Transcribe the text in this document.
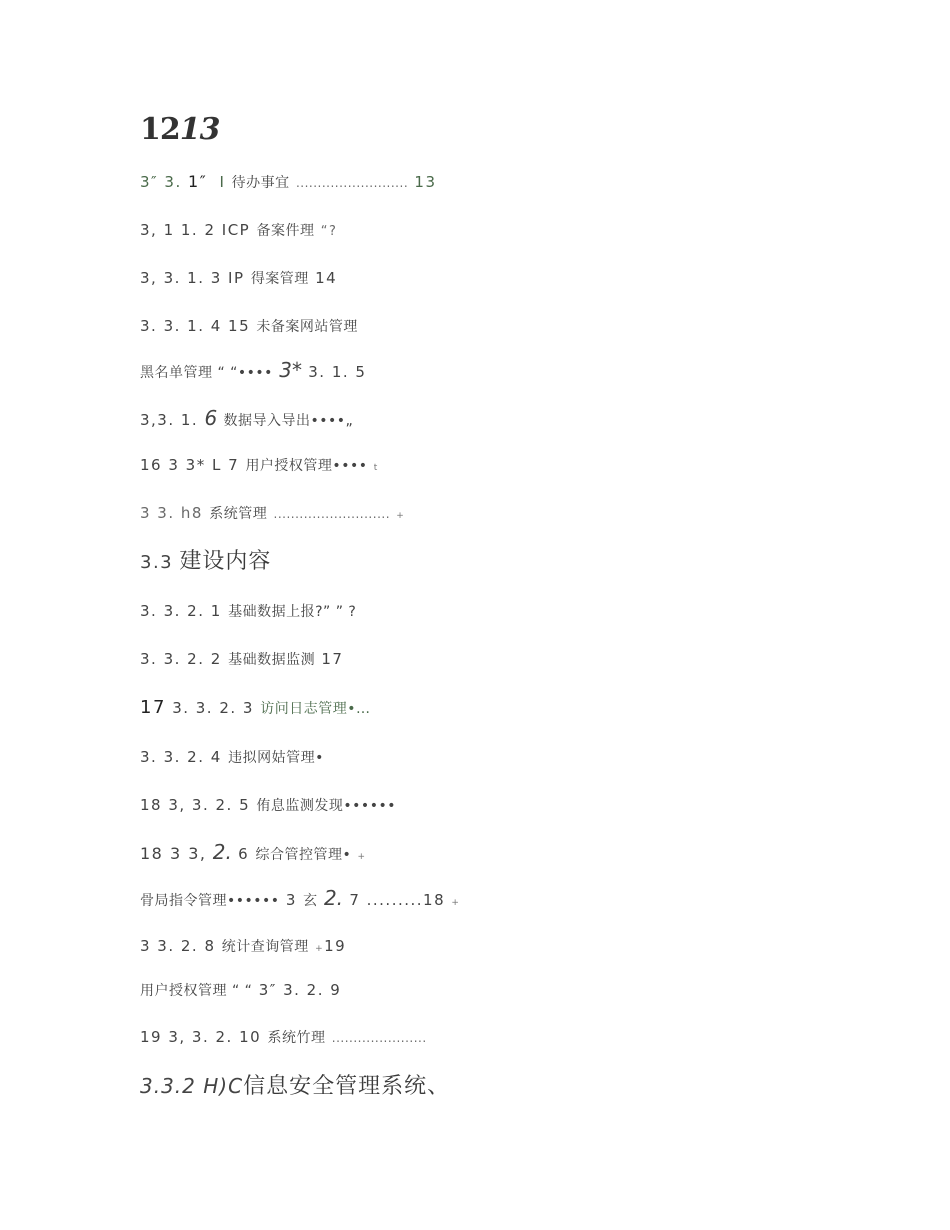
1213
3″ 3. 1″ I 待办事宜 .......................... 13
3, 1 1. 2 ICP 备案件理 “?
3, 3. 1. 3 IP 得案管理 14
3. 3. 1. 4 15 未备案网站管理
黑名单管理 “ “•••• 3* 3. 1. 5
3,3. 1. 6 数据导入导出••••„
16 3 3* L 7 用户授权管理•••• t
3 3. h8 系统管理 ........................... +
3.3 建设内容
3. 3. 2. 1 基础数据上报?” ” ?
3. 3. 2. 2 基础数据监测 17
17 3. 3. 2. 3 访问日志管理•…
3. 3. 2. 4 违拟网姑管理•
18 3, 3. 2. 5 侑息监测发现••••••
18 3 3, 2. 6 综合管控管理• +
骨局指令管理•••••• 3 玄 2. 7 .........18 +
3 3. 2. 8 统计查询管理 +19
用户授权管理 “ “ 3″ 3. 2. 9
19 3, 3. 2. 10 系统竹理 ......................
3.3.2 H)C信息安全管理系统、
